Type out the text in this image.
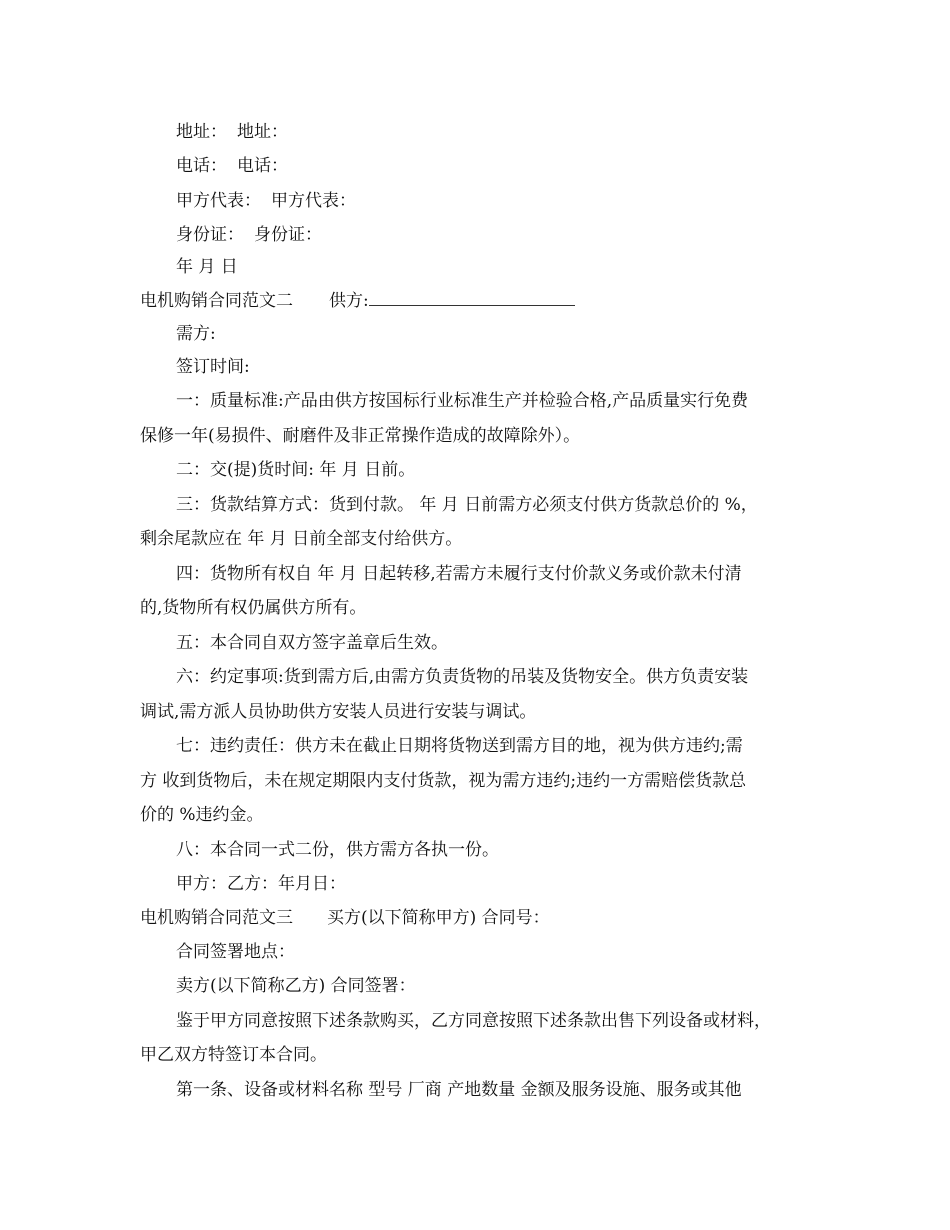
地址： 地址：
电话： 电话：
甲方代表： 甲方代表：
身份证： 身份证：
年 月 日
电机购销合同范文二 供方:
需方:
签订时间:
一：质量标准:产品由供方按国标行业标准生产并检验合格,产品质量实行免费
保修一年(易损件、耐磨件及非正常操作造成的故障除外）。
二：交(提)货时间: 年 月 日前。
三：货款结算方式：货到付款。 年 月 日前需方必须支付供方货款总价的 %，
剩余尾款应在 年 月 日前全部支付给供方。
四：货物所有权自 年 月 日起转移,若需方未履行支付价款义务或价款未付清
的,货物所有权仍属供方所有。
五：本合同自双方签字盖章后生效。
六：约定事项:货到需方后,由需方负责货物的吊装及货物安全。供方负责安装
调试,需方派人员协助供方安装人员进行安装与调试。
七：违约责任：供方未在截止日期将货物送到需方目的地，视为供方违约;需
方 收到货物后，未在规定期限内支付货款，视为需方违约;违约一方需赔偿货款总
价的 %违约金。
八：本合同一式二份，供方需方各执一份。
甲方：乙方：年月日：
电机购销合同范文三 买方(以下简称甲方) 合同号：
合同签署地点：
卖方(以下简称乙方) 合同签署：
鉴于甲方同意按照下述条款购买，乙方同意按照下述条款出售下列设备或材料，
甲乙双方特签订本合同。
第一条、设备或材料名称 型号 厂商 产地数量 金额及服务设施、服务或其他
